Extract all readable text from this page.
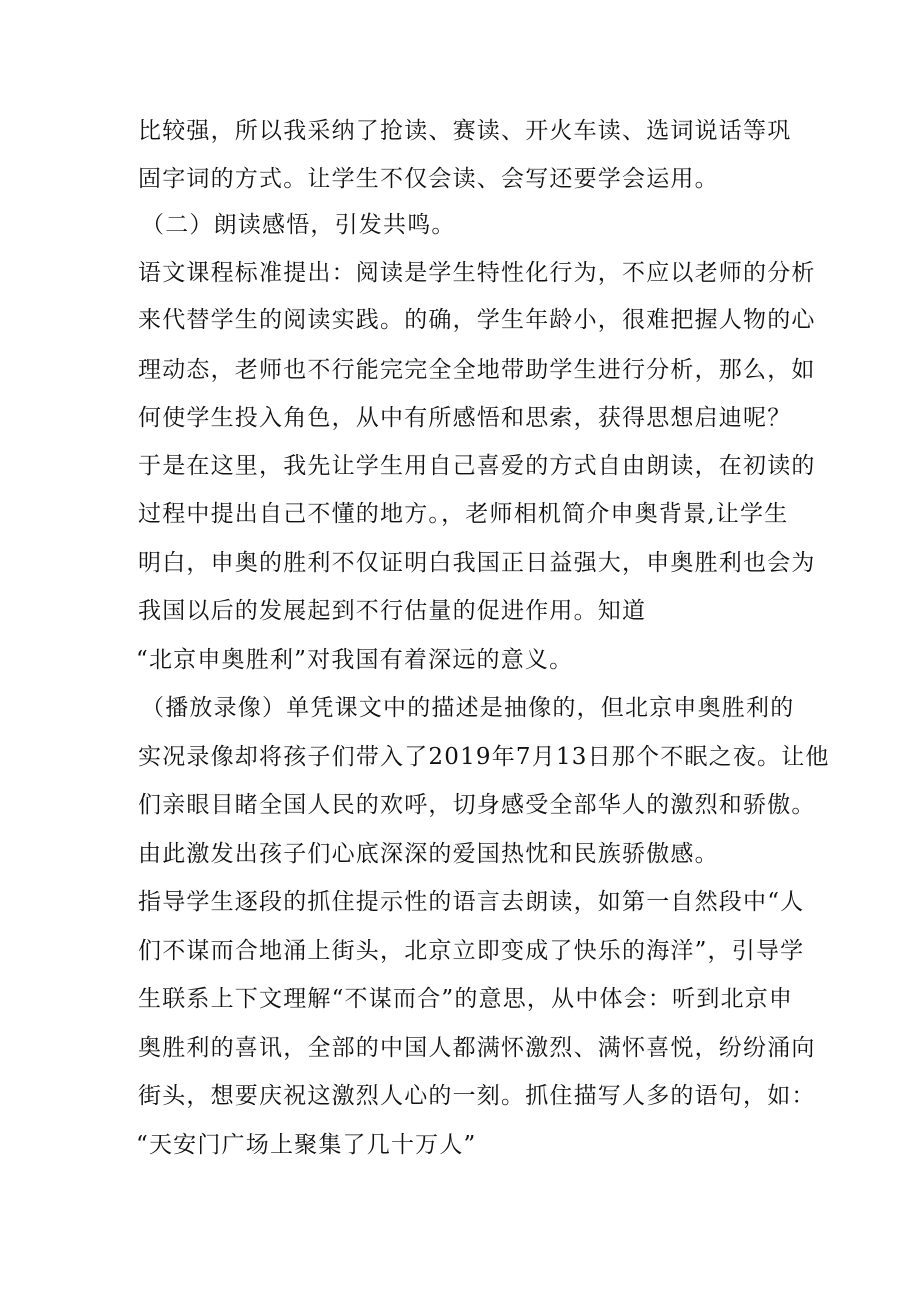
比较强，所以我采纳了抢读、赛读、开火车读、选词说话等巩
固字词的方式。让学生不仅会读、会写还要学会运用。
（二）朗读感悟，引发共鸣。
语文课程标准提出：阅读是学生特性化行为，不应以老师的分析
来代替学生的阅读实践。的确，学生年龄小，很难把握人物的心
理动态，老师也不行能完完全全地带助学生进行分析，那么，如
何使学生投入角色，从中有所感悟和思索，获得思想启迪呢？
于是在这里，我先让学生用自己喜爱的方式自由朗读，在初读的
过程中提出自己不懂的地方。，老师相机简介申奥背景,让学生
明白，申奥的胜利不仅证明白我国正日益强大，申奥胜利也会为
我国以后的发展起到不行估量的促进作用。知道
“北京申奥胜利”对我国有着深远的意义。
（播放录像）单凭课文中的描述是抽像的，但北京申奥胜利的
实况录像却将孩子们带入了2019年7月13日那个不眠之夜。让他
们亲眼目睹全国人民的欢呼，切身感受全部华人的激烈和骄傲。
由此激发出孩子们心底深深的爱国热忱和民族骄傲感。
指导学生逐段的抓住提示性的语言去朗读，如第一自然段中“人
们不谋而合地涌上街头，北京立即变成了快乐的海洋”，引导学
生联系上下文理解“不谋而合”的意思，从中体会：听到北京申
奥胜利的喜讯，全部的中国人都满怀激烈、满怀喜悦，纷纷涌向
街头，想要庆祝这激烈人心的一刻。抓住描写人多的语句，如：
“天安门广场上聚集了几十万人”
